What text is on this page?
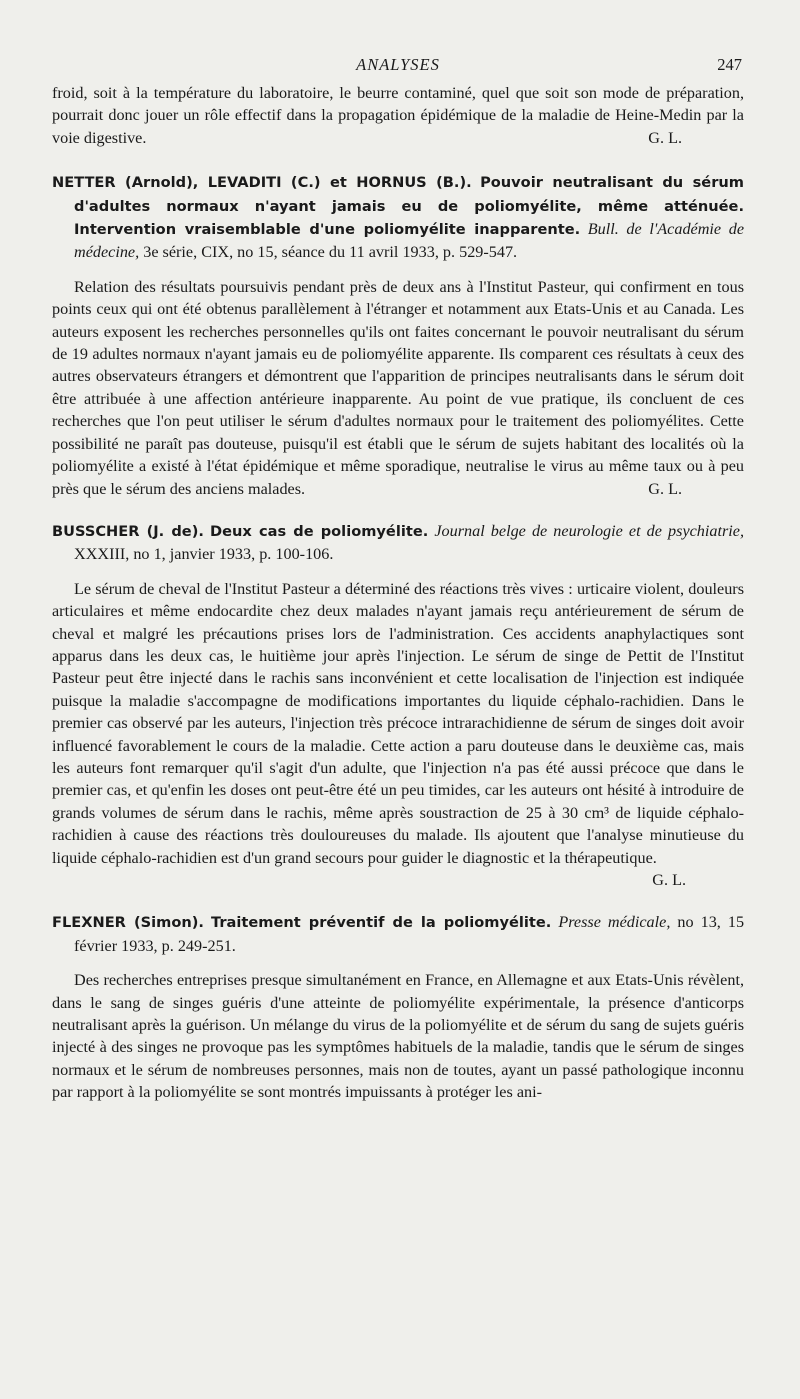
ANALYSES	247

froid, soit à la température du laboratoire, le beurre contaminé, quel que soit son mode de préparation, pourrait donc jouer un rôle effectif dans la propagation épidémique de la maladie de Heine-Medin par la voie digestive.	G. L.

NETTER (Arnold), LEVADITI (C.) et HORNUS (B.). Pouvoir neutralisant du sérum d'adultes normaux n'ayant jamais eu de poliomyélite, même atténuée. Intervention vraisemblable d'une poliomyélite inapparente. Bull. de l'Académie de médecine, 3e série, CIX, no 15, séance du 11 avril 1933, p. 529-547.

Relation des résultats poursuivis pendant près de deux ans à l'Institut Pasteur, qui confirment en tous points ceux qui ont été obtenus parallèlement à l'étranger et notamment aux Etats-Unis et au Canada. Les auteurs exposent les recherches personnelles qu'ils ont faites concernant le pouvoir neutralisant du sérum de 19 adultes normaux n'ayant jamais eu de poliomyélite apparente. Ils comparent ces résultats à ceux des autres observateurs étrangers et démontrent que l'apparition de principes neutralisants dans le sérum doit être attribuée à une affection antérieure inapparente. Au point de vue pratique, ils concluent de ces recherches que l'on peut utiliser le sérum d'adultes normaux pour le traitement des poliomyélites. Cette possibilité ne paraît pas douteuse, puisqu'il est établi que le sérum de sujets habitant des localités où la poliomyélite a existé à l'état épidémique et même sporadique, neutralise le virus au même taux ou à peu près que le sérum des anciens malades.	G. L.

BUSSCHER (J. de). Deux cas de poliomyélite. Journal belge de neurologie et de psychiatrie, XXXIII, no 1, janvier 1933, p. 100-106.

Le sérum de cheval de l'Institut Pasteur a déterminé des réactions très vives : urticaire violent, douleurs articulaires et même endocardite chez deux malades n'ayant jamais reçu antérieurement de sérum de cheval et malgré les précautions prises lors de l'administration. Ces accidents anaphylactiques sont apparus dans les deux cas, le huitième jour après l'injection. Le sérum de singe de Pettit de l'Institut Pasteur peut être injecté dans le rachis sans inconvénient et cette localisation de l'injection est indiquée puisque la maladie s'accompagne de modifications importantes du liquide céphalo-rachidien. Dans le premier cas observé par les auteurs, l'injection très précoce intrarachidienne de sérum de singes doit avoir influencé favorablement le cours de la maladie. Cette action a paru douteuse dans le deuxième cas, mais les auteurs font remarquer qu'il s'agit d'un adulte, que l'injection n'a pas été aussi précoce que dans le premier cas, et qu'enfin les doses ont peut-être été un peu timides, car les auteurs ont hésité à introduire de grands volumes de sérum dans le rachis, même après soustraction de 25 à 30 cm³ de liquide céphalo-rachidien à cause des réactions très douloureuses du malade. Ils ajoutent que l'analyse minutieuse du liquide céphalo-rachidien est d'un grand secours pour guider le diagnostic et la thérapeutique.
G. L.

FLEXNER (Simon). Traitement préventif de la poliomyélite. Presse médicale, no 13, 15 février 1933, p. 249-251.

Des recherches entreprises presque simultanément en France, en Allemagne et aux Etats-Unis révèlent, dans le sang de singes guéris d'une atteinte de poliomyélite expérimentale, la présence d'anticorps neutralisant après la guérison. Un mélange du virus de la poliomyélite et de sérum du sang de sujets guéris injecté à des singes ne provoque pas les symptômes habituels de la maladie, tandis que le sérum de singes normaux et le sérum de nombreuses personnes, mais non de toutes, ayant un passé pathologique inconnu par rapport à la poliomyélite se sont montrés impuissants à protéger les ani-
